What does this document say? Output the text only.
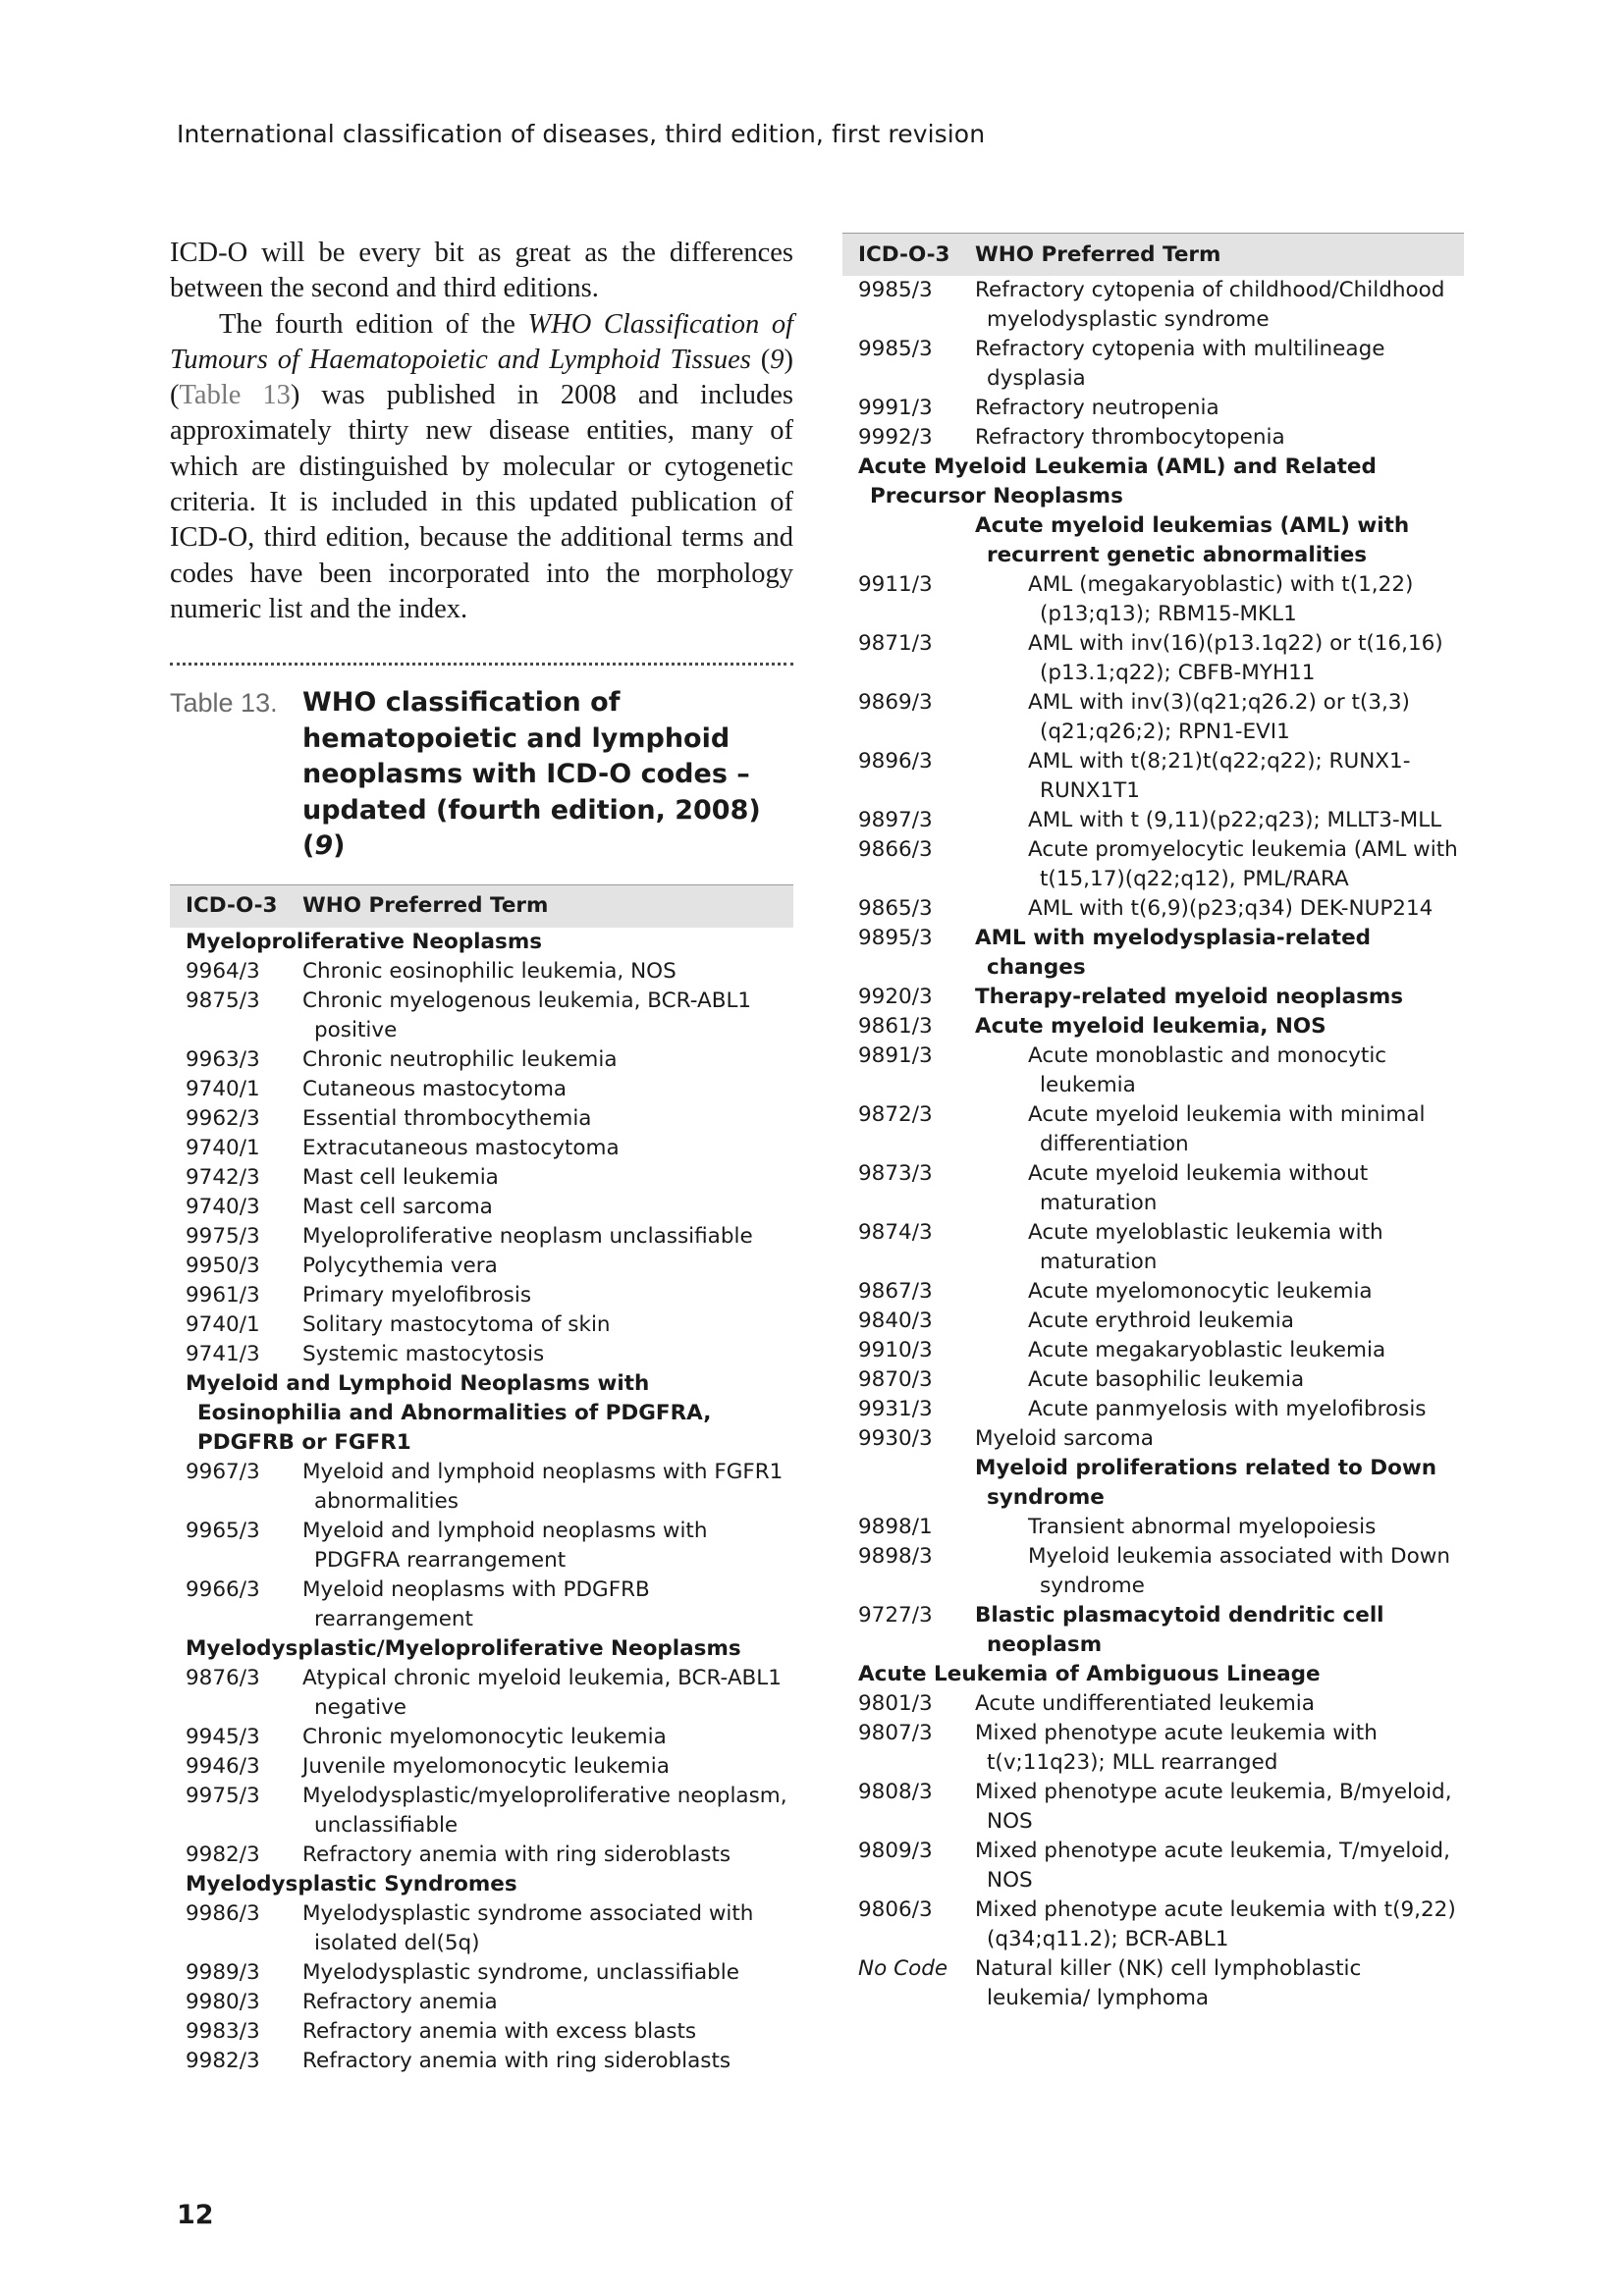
International classification of diseases, third edition, first revision

ICD-O will be every bit as great as the differences between the second and third editions.

The fourth edition of the WHO Classification of Tumours of Haematopoietic and Lymphoid Tissues (9) (Table 13) was published in 2008 and includes approximately thirty new disease entities, many of which are distinguished by molecular or cytogenetic criteria. It is included in this updated publication of ICD-O, third edition, because the additional terms and codes have been incorporated into the morphology numeric list and the index.

Table 13. WHO classification of hematopoietic and lymphoid neoplasms with ICD-O codes – updated (fourth edition, 2008) (9)
ICD-O-3	WHO Preferred Term
Myeloproliferative Neoplasms
9964/3	Chronic eosinophilic leukemia, NOS
9875/3	Chronic myelogenous leukemia, BCR-ABL1 positive
9963/3	Chronic neutrophilic leukemia
9740/1	Cutaneous mastocytoma
9962/3	Essential thrombocythemia
9740/1	Extracutaneous mastocytoma
9742/3	Mast cell leukemia
9740/3	Mast cell sarcoma
9975/3	Myeloproliferative neoplasm unclassifiable
9950/3	Polycythemia vera
9961/3	Primary myelofibrosis
9740/1	Solitary mastocytoma of skin
9741/3	Systemic mastocytosis
Myeloid and Lymphoid Neoplasms with Eosinophilia and Abnormalities of PDGFRA, PDGFRB or FGFR1
9967/3	Myeloid and lymphoid neoplasms with FGFR1 abnormalities
9965/3	Myeloid and lymphoid neoplasms with PDGFRA rearrangement
9966/3	Myeloid neoplasms with PDGFRB rearrangement
Myelodysplastic/Myeloproliferative Neoplasms
9876/3	Atypical chronic myeloid leukemia, BCR-ABL1 negative
9945/3	Chronic myelomonocytic leukemia
9946/3	Juvenile myelomonocytic leukemia
9975/3	Myelodysplastic/myeloproliferative neoplasm, unclassifiable
9982/3	Refractory anemia with ring sideroblasts
Myelodysplastic Syndromes
9986/3	Myelodysplastic syndrome associated with isolated del(5q)
9989/3	Myelodysplastic syndrome, unclassifiable
9980/3	Refractory anemia
9983/3	Refractory anemia with excess blasts
9982/3	Refractory anemia with ring sideroblasts
ICD-O-3	WHO Preferred Term
9985/3	Refractory cytopenia of childhood/Childhood myelodysplastic syndrome
9985/3	Refractory cytopenia with multilineage dysplasia
9991/3	Refractory neutropenia
9992/3	Refractory thrombocytopenia
Acute Myeloid Leukemia (AML) and Related Precursor Neoplasms
Acute myeloid leukemias (AML) with recurrent genetic abnormalities
9911/3	AML (megakaryoblastic) with t(1,22) (p13;q13); RBM15-MKL1
9871/3	AML with inv(16)(p13.1q22) or t(16,16) (p13.1;q22); CBFB-MYH11
9869/3	AML with inv(3)(q21;q26.2) or t(3,3) (q21;q26;2); RPN1-EVI1
9896/3	AML with t(8;21)t(q22;q22); RUNX1-RUNX1T1
9897/3	AML with t (9,11)(p22;q23); MLLT3-MLL
9866/3	Acute promyelocytic leukemia (AML with t(15,17)(q22;q12), PML/RARA
9865/3	AML with t(6,9)(p23;q34) DEK-NUP214
9895/3	AML with myelodysplasia-related changes
9920/3	Therapy-related myeloid neoplasms
9861/3	Acute myeloid leukemia, NOS
9891/3	Acute monoblastic and monocytic leukemia
9872/3	Acute myeloid leukemia with minimal differentiation
9873/3	Acute myeloid leukemia without maturation
9874/3	Acute myeloblastic leukemia with maturation
9867/3	Acute myelomonocytic leukemia
9840/3	Acute erythroid leukemia
9910/3	Acute megakaryoblastic leukemia
9870/3	Acute basophilic leukemia
9931/3	Acute panmyelosis with myelofibrosis
9930/3	Myeloid sarcoma
Myeloid proliferations related to Down syndrome
9898/1	Transient abnormal myelopoiesis
9898/3	Myeloid leukemia associated with Down syndrome
9727/3	Blastic plasmacytoid dendritic cell neoplasm
Acute Leukemia of Ambiguous Lineage
9801/3	Acute undifferentiated leukemia
9807/3	Mixed phenotype acute leukemia with t(v;11q23); MLL rearranged
9808/3	Mixed phenotype acute leukemia, B/myeloid, NOS
9809/3	Mixed phenotype acute leukemia, T/myeloid, NOS
9806/3	Mixed phenotype acute leukemia with t(9,22) (q34;q11.2); BCR-ABL1
No Code	Natural killer (NK) cell lymphoblastic leukemia/ lymphoma
12
